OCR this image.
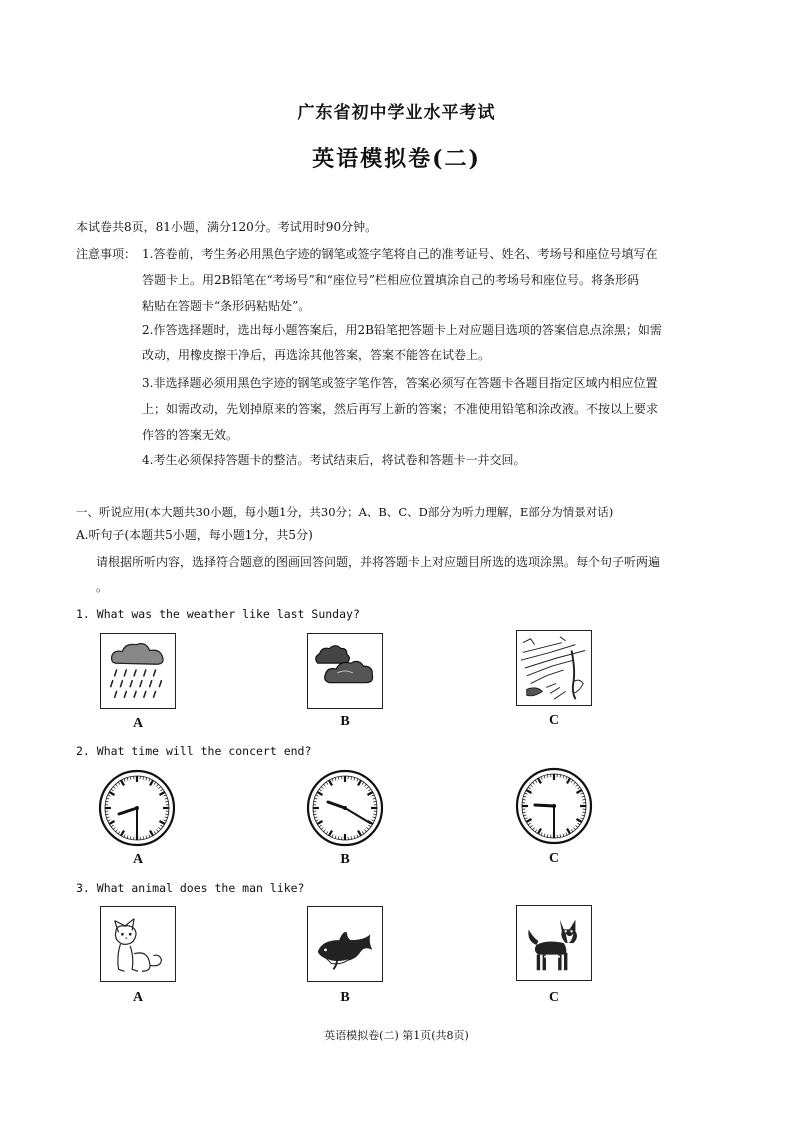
广东省初中学业水平考试
英语模拟卷(二)
本试卷共8页，81小题，满分120分。考试用时90分钟。
注意事项： 1.答卷前，考生务必用黑色字迹的钢笔或签字笔将自己的准考证号、姓名、考场号和座位号填写在
答题卡上。用2B铅笔在“考场号”和“座位号”栏相应位置填涂自己的考场号和座位号。将条形码
粘贴在答题卡“条形码粘贴处”。
2.作答选择题时，选出每小题答案后，用2B铅笔把答题卡上对应题目选项的答案信息点涂黑；如需
改动，用橡皮擦干净后，再选涂其他答案，答案不能答在试卷上。
3.非选择题必须用黑色字迹的钢笔或签字笔作答，答案必须写在答题卡各题目指定区域内相应位置
上；如需改动，先划掉原来的答案，然后再写上新的答案；不准使用铅笔和涂改液。不按以上要求
作答的答案无效。
4.考生必须保持答题卡的整洁。考试结束后，将试卷和答题卡一并交回。
一、听说应用(本大题共30小题，每小题1分，共30分；A、B、C、D部分为听力理解，E部分为情景对话)
A.听句子(本题共5小题，每小题1分，共5分)
请根据所听内容，选择符合题意的图画回答问题，并将答题卡上对应题目所选的选项涂黑。每个句子听两遍
。
1. What was the weather like last Sunday?
A	B	C
2. What time will the concert end?
A	B	C
3. What animal does the man like?
A	B	C
英语模拟卷(二) 第1页(共8页)
